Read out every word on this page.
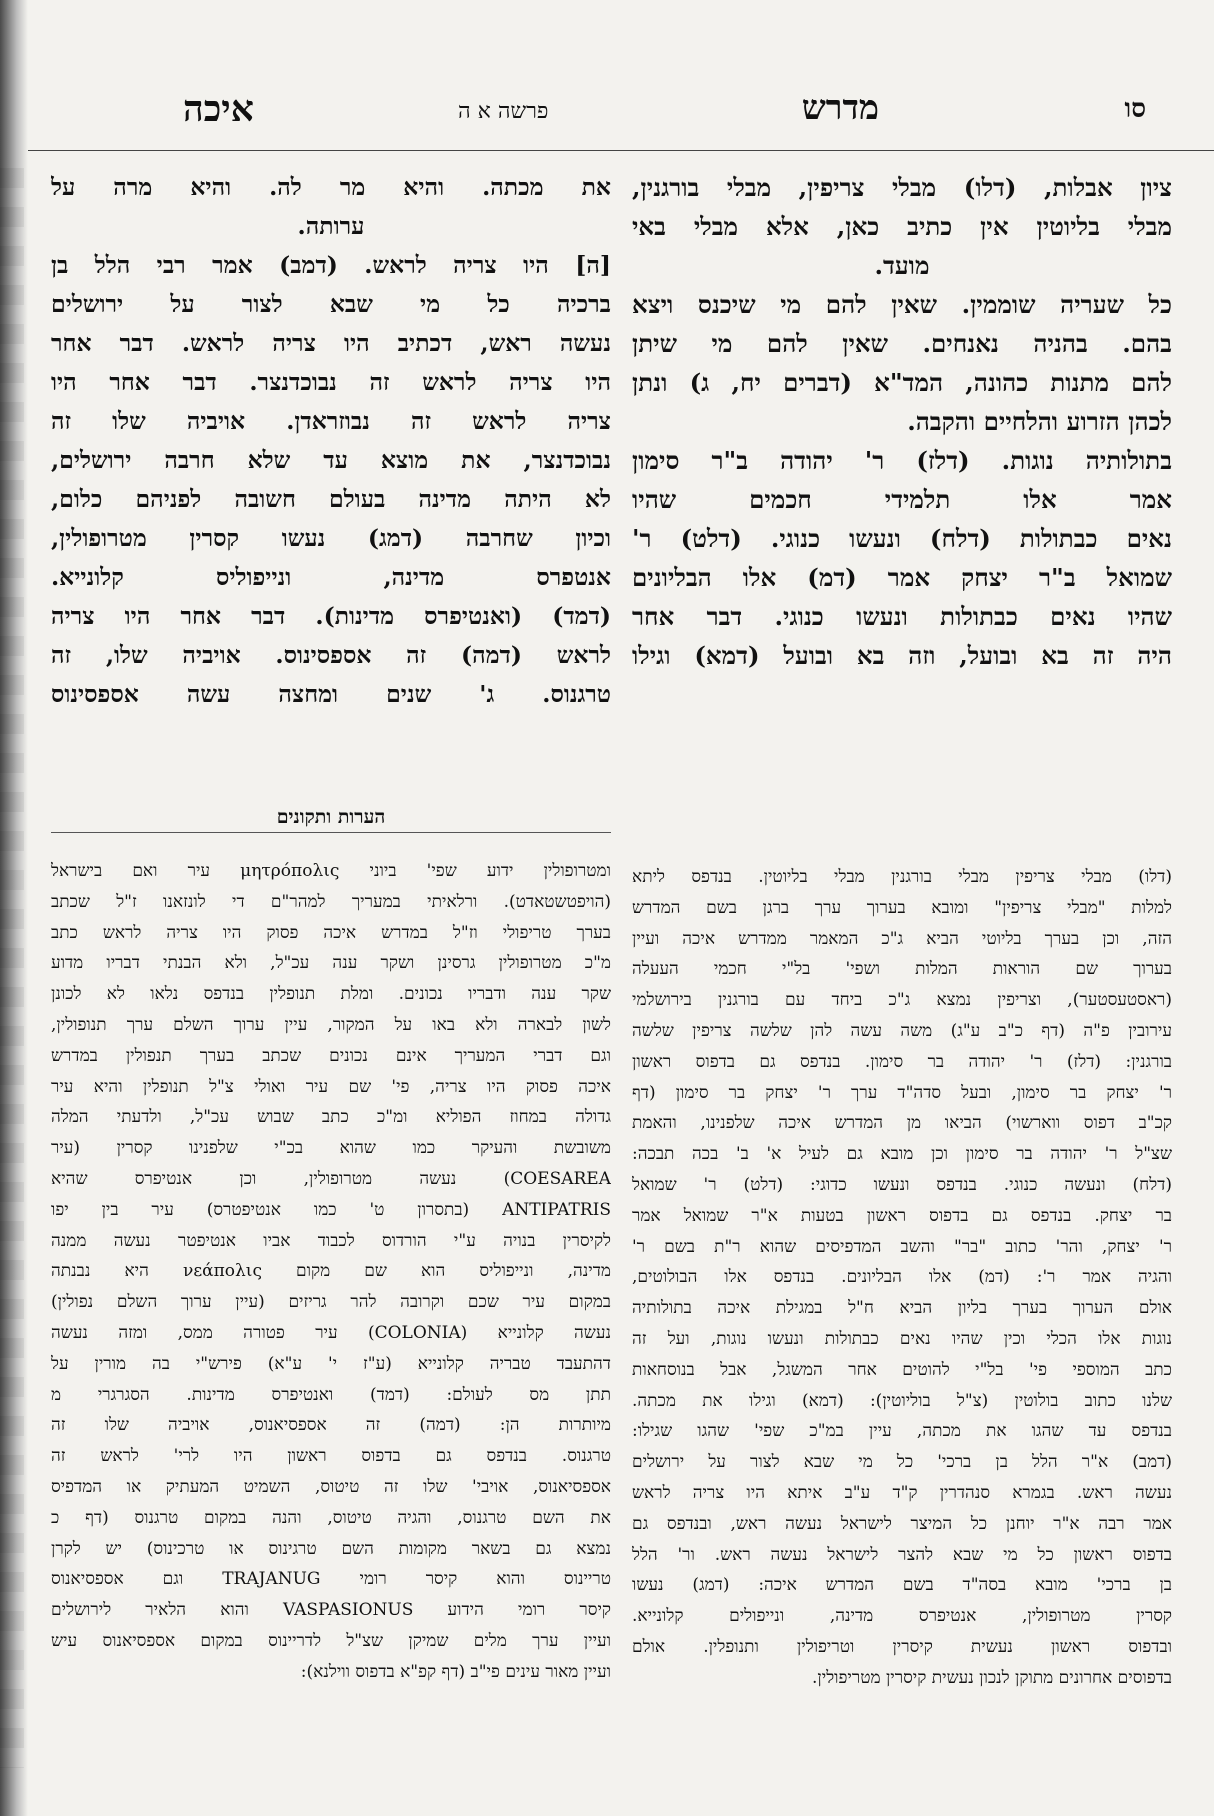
סו
מדרש
פרשה א ה
איכה
ציון אבלות, (דלו) מבלי צריפין, מבלי בורגנין,
מבלי בליוטין אין כתיב כאן, אלא מבלי באי
מועד.
כל שעריה שוממין. שאין להם מי שיכנס ויצא
בהם. בהניה נאנחים. שאין להם מי שיתן
להם מתנות כהונה, המד"א (דברים יח, ג) ונתן
לכהן הזרוע והלחיים והקבה.
בתולותיה נוגות. (דלז) ר' יהודה ב"ר סימון
אמר אלו תלמידי חכמים שהיו
נאים כבתולות (דלח) ונעשו כנוגי. (דלט) ר'
שמואל ב"ר יצחק אמר (דמ) אלו הבליונים
שהיו נאים כבתולות ונעשו כנוגי. דבר אחר
היה זה בא ובועל, וזה בא ובועל (דמא) וגילו
את מכתה. והיא מר לה. והיא מרה על
ערותה.
[ה] היו צריה לראש. (דמב) אמר רבי הלל בן
ברכיה כל מי שבא לצור על ירושלים
נעשה ראש, דכתיב היו צריה לראש. דבר אחר
היו צריה לראש זה נבוכדנצר. דבר אחר היו
צריה לראש זה נבוזראדן. אויביה שלו זה
נבוכדנצר, את מוצא עד שלא חרבה ירושלים,
לא היתה מדינה בעולם חשובה לפניהם כלום,
וכיון שחרבה (דמג) נעשו קסרין מטרופולין,
אנטפרס מדינה, ונייפוליס קלונייא.
(דמד) (ואנטיפרס מדינות). דבר אחר היו צריה
לראש (דמה) זה אספסינוס. אויביה שלו, זה
טרגנוס. ג' שנים ומחצה עשה אספסינוס
הערות ותקונים
(דלו) מבלי צריפין מבלי בורגנין מבלי בליוטין. בנדפס ליתא
למלות "מבלי צריפין" ומובא בערוך ערך ברגן בשם המדרש
הזה, וכן בערך בליוטי הביא ג"כ המאמר ממדרש איכה ועיין
בערוך שם הוראות המלות ושפי' בל"י חכמי העעלה
(ראסטעסטער), וצריפין נמצא ג"כ ביחד עם בורגנין בירושלמי
עירובין פ"ה (דף כ"ב ע"ג) משה עשה להן שלשה צריפין שלשה
בורגנין: (דלז) ר' יהודה בר סימון. בנדפס גם בדפוס ראשון
ר' יצחק בר סימון, ובעל סדה"ד ערך ר' יצחק בר סימון (דף
קכ"ב דפוס ווארשוי) הביאו מן המדרש איכה שלפנינו, והאמת
שצ"ל ר' יהודה בר סימון וכן מובא גם לעיל א' ב' בכה תבכה:
(דלח) ונעשה כנוגי. בנדפס ונעשו כדוגי: (דלט) ר' שמואל
בר יצחק. בנדפס גם בדפוס ראשון בטעות א"ר שמואל אמר
ר' יצחק, והר' כתוב "בר" והשב המדפיסים שהוא ר"ת בשם ר'
והגיה אמר ר': (דמ) אלו הבליונים. בנדפס אלו הבולוטים,
אולם הערוך בערך בליון הביא ח"ל במגילת איכה בתולותיה
נוגות אלו הכלי וכין שהיו נאים כבתולות ונעשו נוגות, ועל זה
כתב המוספי פי' בל"י להוטים אחר המשגל, אבל בנוסחאות
שלנו כתוב בולוטין (צ"ל בוליוטין): (דמא) וגילו את מכתה.
בנדפס עד שהגו את מכתה, עיין במ"כ שפי' שהגו שגילו:
(דמב) א"ר הלל בן ברכי' כל מי שבא לצור על ירושלים
נעשה ראש. בגמרא סנהדרין ק"ד ע"ב איתא היו צריה לראש
אמר רבה א"ר יוחנן כל המיצר לישראל נעשה ראש, ובנדפס גם
בדפוס ראשון כל מי שבא להצר לישראל נעשה ראש. ור' הלל
בן ברכי' מובא בסה"ד בשם המדרש איכה: (דמג) נעשו
קסרין מטרופולין, אנטיפרס מדינה, ונייפולים קלונייא.
ובדפוס ראשון נעשית קיסרין וטריפולין ותנופלין. אולם
בדפוסים אחרונים מתוקן לנכון נעשית קיסרין מטריפולין.
ומטרופולין ידוע שפי' ביוני μητρόπολις עיר ואם בישראל
(הויפטשטאדט). ורלאיתי במעריך למהר"ם די לונזאנו ז"ל שכתב
בערך טריפולי וז"ל במדרש איכה פסוק היו צריה לראש כתב
מ"כ מטרופולין גרסינן ושקר ענה עכ"ל, ולא הבנתי דבריו מדוע
שקר ענה ודבריו נכונים. ומלת תנופלין בנדפס נלאו לא לכונן
לשון לבארה ולא באו על המקור, עיין ערוך השלם ערך תנופולין,
וגם דברי המעריך אינם נכונים שכתב בערך תנפולין במדרש
איכה פסוק היו צריה, פי' שם עיר ואולי צ"ל תנופלין והיא עיר
גדולה במחוז הפוליא ומ"כ כתב שבוש עכ"ל, ולדעתי המלה
משובשת והעיקר כמו שהוא בכ"י שלפנינו קסרין (עיר
COESAREA) נעשה מטרופולין, וכן אנטיפרס שהיא
ANTIPATRIS (בתסרון ט' כמו אנטיפטרס) עיר בין יפו
לקיסרין בנויה ע"י הורדוס לכבוד אביו אנטיפטר נעשה ממנה
מדינה, ונייפוליס הוא שם מקום νεάπολις היא נבנתה
במקום עיר שכם וקרובה להר גריזים (עיין ערוך השלם נפולין)
נעשה קלונייא (COLONIA) עיר פטורה ממס, ומזה נעשה
דהתעבד טבריה קלונייא (ע"ז י' ע"א) פירש"י בה מורין על
תתן מס לעולם: (דמד) ואנטיפרס מדינות. הסגרגרי מ
מיותרות הן: (דמה) זה אספסיאנוס, אויביה שלו זה
טרגנוס. בנדפס גם בדפוס ראשון היו לרי' לראש זה
אספסיאנוס, אויבי' שלו זה טיטוס, השמיט המעתיק או המדפיס
את השם טרגנוס, והגיה טיטוס, והנה במקום טרגנוס (דף כ
נמצא גם בשאר מקומות השם טרגינוס או טרכינוס) יש לקרן
טריינוס והוא קיסר רומי TRAJANUG וגם אספסיאנוס
קיסר רומי הידוע VASPASIONUS והוא הלאיר לירושלים
ועיין ערך מלים שמיקן שצ"ל לדריינוס במקום אספסיאנוס עיש
ועיין מאור עינים פי"ב (דף קפ"א בדפוס ווילנא):
